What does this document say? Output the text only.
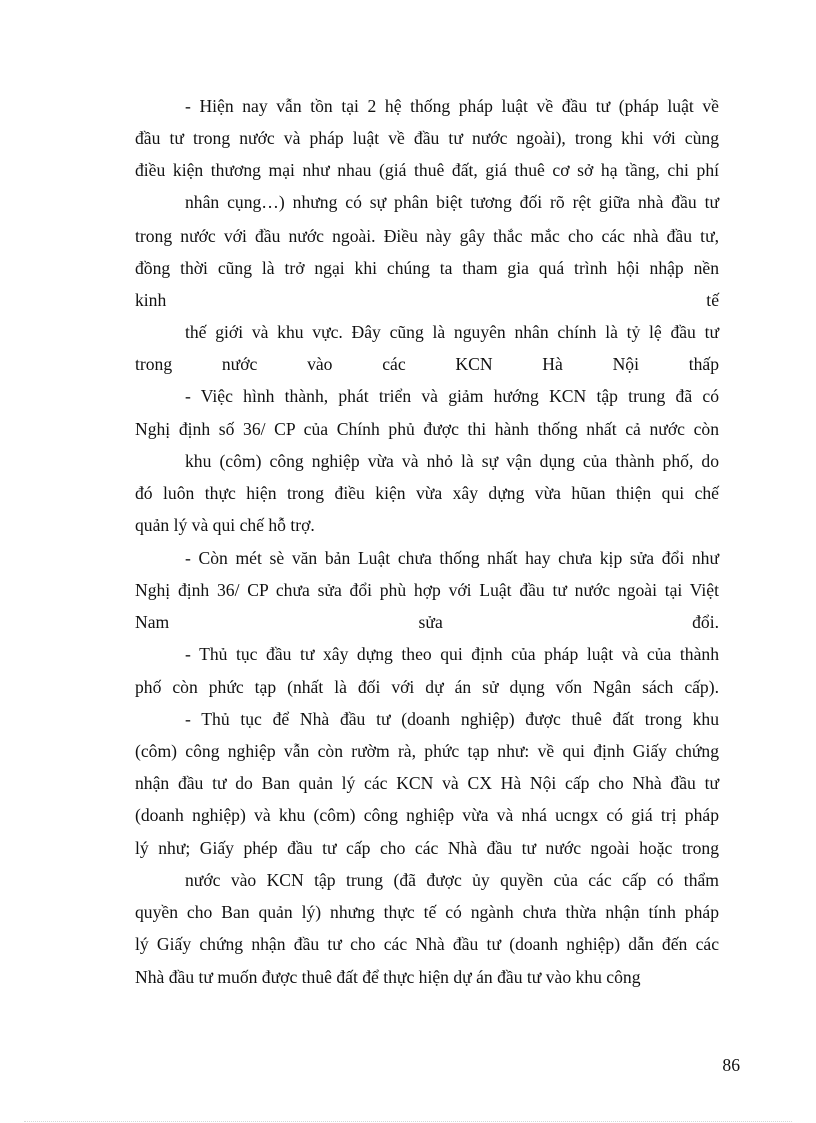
- Hiện nay vẫn tồn tại 2 hệ thống pháp luật về đầu tư (pháp luật về
đầu tư trong nước và pháp luật về đầu tư nước ngoài), trong khi với cùng
điều kiện thương mại như nhau (giá thuê đất, giá thuê cơ sở hạ tầng, chi phí
nhân cụng…) nhưng có sự phân biệt tương đối rõ rệt giữa nhà đầu tư
trong nước với đầu nước ngoài. Điều này gây thắc mắc cho các nhà đầu tư,
đồng thời cũng là trở ngại khi chúng ta tham gia quá trình hội nhập nền
kinh tế
thế giới và khu vực. Đây cũng là nguyên nhân chính là tỷ lệ đầu tư
trong nước vào các KCN Hà Nội thấp
- Việc hình thành, phát triển và giảm hướng KCN tập trung đã có
Nghị định số 36/ CP của Chính phủ được thi hành thống nhất cả nước còn
khu (côm) công nghiệp vừa và nhỏ là sự vận dụng của thành phố, do
đó luôn thực hiện trong điều kiện vừa xây dựng vừa hũan thiện qui chế
quản lý và qui chế hỗ trợ.
- Còn mét sè văn bản Luật chưa thống nhất hay chưa kịp sửa đổi như
Nghị định 36/ CP chưa sửa đổi phù hợp với Luật đầu tư nước ngoài tại Việt
Nam sửa đổi.
- Thủ tục đầu tư xây dựng theo qui định của pháp luật và của thành
phố còn phức tạp (nhất là đối với dự án sử dụng vốn Ngân sách cấp).
- Thủ tục để Nhà đầu tư (doanh nghiệp) được thuê đất trong khu
(côm) công nghiệp vẫn còn rườm rà, phức tạp như: về qui định Giấy chứng
nhận đầu tư do Ban quản lý các KCN và CX Hà Nội cấp cho Nhà đầu tư
(doanh nghiệp) và khu (côm) công nghiệp vừa và nhá ucngx có giá trị pháp
lý như; Giấy phép đầu tư cấp cho các Nhà đầu tư nước ngoài hoặc trong
nước vào KCN tập trung (đã được ủy quyền của các cấp có thẩm
quyền cho Ban quản lý) nhưng thực tế có ngành chưa thừa nhận tính pháp
lý Giấy chứng nhận đầu tư cho các Nhà đầu tư (doanh nghiệp) dẫn đến các
Nhà đầu tư muốn được thuê đất để thực hiện dự án đầu tư vào khu công
86
